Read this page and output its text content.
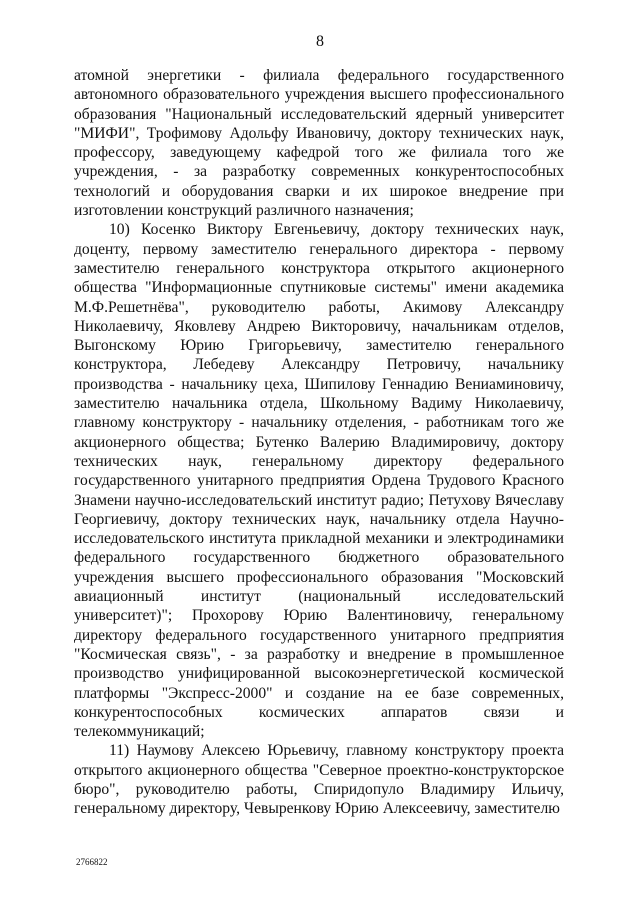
8

атомной энергетики - филиала федерального государственного автономного образовательного учреждения высшего профессионального образования "Национальный исследовательский ядерный университет "МИФИ", Трофимову Адольфу Ивановичу, доктору технических наук, профессору, заведующему кафедрой того же филиала того же учреждения, - за разработку современных конкурентоспособных технологий и оборудования сварки и их широкое внедрение при изготовлении конструкций различного назначения;

10) Косенко Виктору Евгеньевичу, доктору технических наук, доценту, первому заместителю генерального директора - первому заместителю генерального конструктора открытого акционерного общества "Информационные спутниковые системы" имени академика М.Ф.Решетнёва", руководителю работы, Акимову Александру Николаевичу, Яковлеву Андрею Викторовичу, начальникам отделов, Выгонскому Юрию Григорьевичу, заместителю генерального конструктора, Лебедеву Александру Петровичу, начальнику производства - начальнику цеха, Шипилову Геннадию Вениаминовичу, заместителю начальника отдела, Школьному Вадиму Николаевичу, главному конструктору - начальнику отделения, - работникам того же акционерного общества; Бутенко Валерию Владимировичу, доктору технических наук, генеральному директору федерального государственного унитарного предприятия Ордена Трудового Красного Знамени научно-исследовательский институт радио; Петухову Вячеславу Георгиевичу, доктору технических наук, начальнику отдела Научно-исследовательского института прикладной механики и электродинамики федерального государственного бюджетного образовательного учреждения высшего профессионального образования "Московский авиационный институт (национальный исследовательский университет)"; Прохорову Юрию Валентиновичу, генеральному директору федерального государственного унитарного предприятия "Космическая связь", - за разработку и внедрение в промышленное производство унифицированной высокоэнергетической космической платформы "Экспресс-2000" и создание на ее базе современных, конкурентоспособных космических аппаратов связи и телекоммуникаций;

11) Наумову Алексею Юрьевичу, главному конструктору проекта открытого акционерного общества "Северное проектно-конструкторское бюро", руководителю работы, Спиридопуло Владимиру Ильичу, генеральному директору, Чевыренкову Юрию Алексеевичу, заместителю

2766822
